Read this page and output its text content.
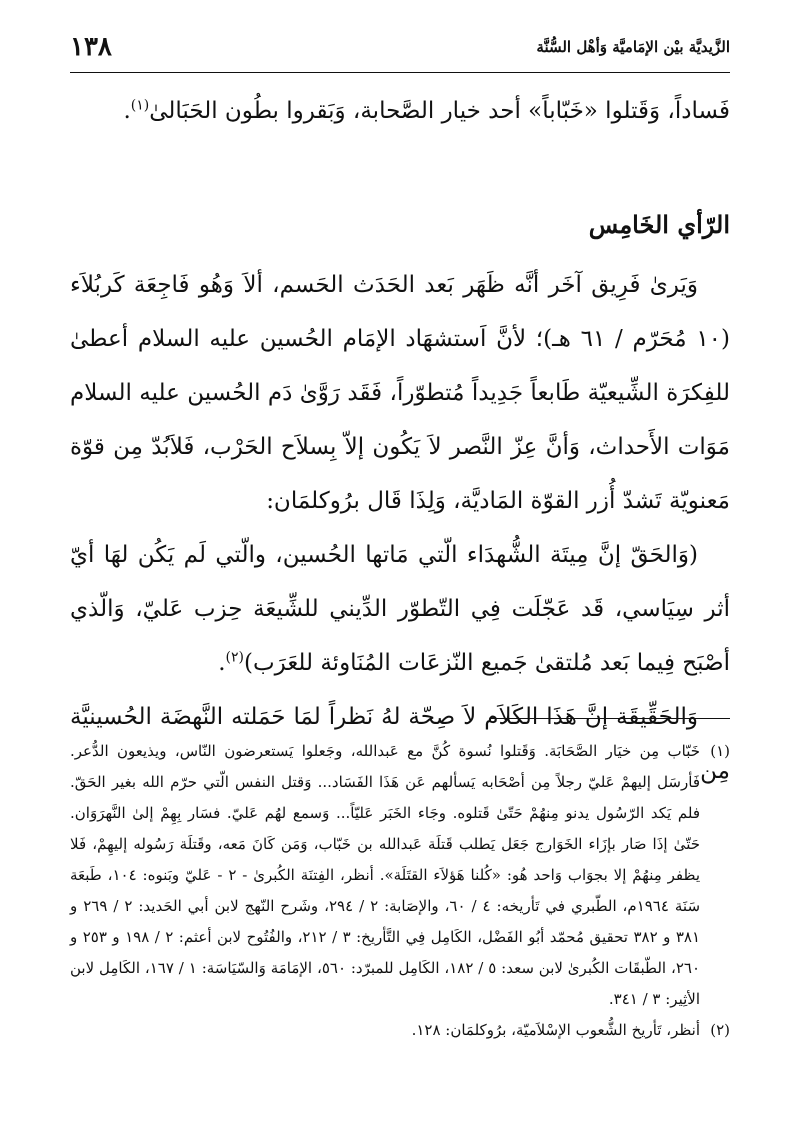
الزَّيديَّة بيْن الإمَاميَّة وَأهْل السُّنَّة
١٣٨

فَساداً، وَقَتلوا «خَبّاباً» أحد خيار الصَّحابة، وَبَقروا بطُون الحَبَالىٰ$^{(١)}$.

الرّأي الخَامِس

وَيَرىٰ فَرِيق آخَر أنَّه ظَهَر بَعد الحَدَث الحَسم، ألاَ وَهُو فَاجِعَة كَربُلاَء (١٠ مُحَرّم / ٦١ هـ)؛ لأنَّ اَستشهَاد الإمَام الحُسين عليه السلام أعطىٰ للفِكرَة الشِّيعيّة طَابعاً جَدِيداً مُتطوّراً، فَقَد رَوَّىٰ دَم الحُسين عليه السلام مَوَات الأَحداث، وَأنَّ عِزّ النَّصر لاَ يَكُون إلاّ بِسلاَح الحَرْب، فَلاَبُدّ مِن قوّة مَعنويّة تَشدّ أُزر القوّة المَاديَّة، وَلِذَا قَال برُوكلمَان:

(وَالحَقّ إنَّ مِيتَة الشُّهدَاء الّتي مَاتها الحُسين، والّتي لَم يَكُن لهَا أيّ أثر سِيَاسي، قَد عَجّلَت فِي التّطوّر الدِّيني للشِّيعَة حِزب عَليّ، وَالّذي أصْبَح فِيما بَعد مُلتقىٰ جَميع النّزعَات المُنَاوئة للعَرَب)$^{(٢)}$.

وَالحَقِّيقَة إنَّ هَذَا الكَلاَم لاَ صِحّة لهُ نَظراً لمَا حَمَلته النَّهضَة الحُسينيَّة مِن

(١)
خَبّاب مِن خيَار الصَّحَابَة. وَقَتلوا نُسوة كُنَّ مع عَبدالله، وجَعلوا يَستعرضون النّاس، ويذيعون الدُّعر. فَأرسَل إليهمْ عَليّ رجلاً مِن أصْحَابه يَسألهم عَن هَذَا الفَسَاد... وَقتل النفس الّتي حرّم الله بغير الحَقّ. فلم يَكد الرّسُول يدنو مِنهُمْ حَتّىٰ قَتلوه. وجَاء الخَبَر عَليّاً... وَسمع لهُم عَليّ. فسَار بِهِمْ إلىٰ النَّهرَوَان. حَتّىٰ إذَا صَار بإزَاء الخَوَارج جَعَل يَطلب قَتلَة عَبدالله بن خَبّاب، وَمَن كَانَ مَعه، وقَتلَة رَسُوله إليهِمْ، فَلا يظفر مِنهُمْ إلا بجوَاب وَاحد هُو: «كُلنا هَؤلاَء القتَلَة». أنظر، الفِتنَة الكُبرىٰ - ٢ - عَليّ وبَنوه: ١٠٤، طَبعَة سَنَة ١٩٦٤م، الطّبري في تَأريخه: ٤ / ٦٠، والإصَابة: ٢ / ٢٩٤، وشَرح النّهج لابن أبي الحَديد: ٢ / ٢٦٩ و ٣٨١ و ٣٨٢ تحقيق مُحمّد أبُو الفَضْل، الكَامِل فِي التَّأريخ: ٣ / ٢١٢، والفُتُوح لابن أعثم: ٢ / ١٩٨ و ٢٥٣ و ٢٦٠، الطّبقَات الكُبرىٰ لابن سعد: ٥ / ١٨٢، الكَامِل للمبرّد: ٥٦٠، الإمَامَة وَالسّيَاسَة: ١ / ١٦٧، الكَامِل لابن الأثِير: ٣ / ٣٤١.
(٢)
أنظر، تَأريخ الشُّعوب الإسْلاَميّة، برُوكلمَان: ١٢٨.
